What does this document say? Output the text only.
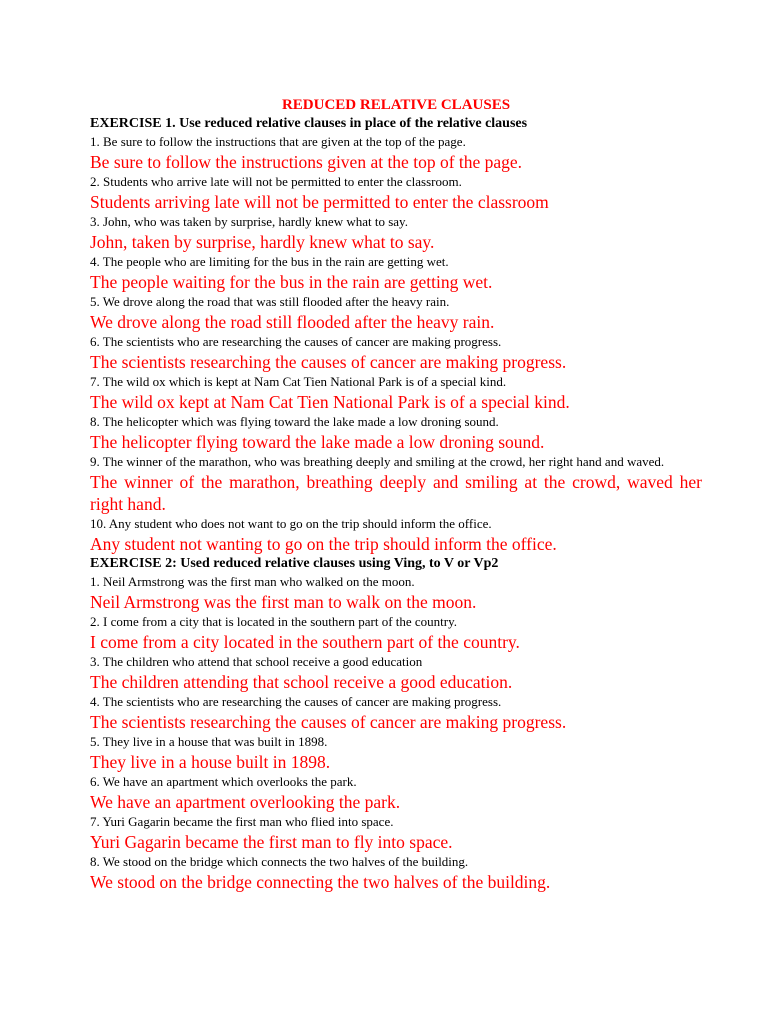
REDUCED RELATIVE CLAUSES
EXERCISE 1. Use reduced relative clauses in place of the relative clauses
1. Be sure to follow the instructions that are given at the top of the page.
Be sure to follow the instructions given at the top of the page.
2. Students who arrive late will not be permitted to enter the classroom.
Students arriving late will not be permitted to enter the classroom
3. John, who was taken by surprise, hardly knew what to say.
John, taken by surprise, hardly knew what to say.
4. The people who are limiting for the bus in the rain are getting wet.
The people waiting for the bus in the rain are getting wet.
5. We drove along the road that was still flooded after the heavy rain.
We drove along the road still flooded after the heavy rain.
6. The scientists who are researching the causes of cancer are making progress.
The scientists researching the causes of cancer are making progress.
7. The wild ox which is kept at Nam Cat Tien National Park is of a special kind.
The wild ox kept at Nam Cat Tien National Park is of a special kind.
8. The helicopter which was flying toward the lake made a low droning sound.
The helicopter flying toward the lake made a low droning sound.
9. The winner of the marathon, who was breathing deeply and smiling at the crowd, her right hand and waved.
The winner of the marathon, breathing deeply and smiling at the crowd, waved her right hand.
10. Any student who does not want to go on the trip should inform the office.
Any student not wanting to go on the trip should inform the office.
EXERCISE 2: Used reduced relative clauses using Ving, to V or Vp2
1. Neil Armstrong was the first man who walked on the moon.
Neil Armstrong was the first man to walk on the moon.
2. I come from a city that is located in the southern part of the country.
I come from a city located in the southern part of the country.
3. The children who attend that school receive a good education
The children attending that school receive a good education.
4. The scientists who are researching the causes of cancer are making progress.
The scientists researching the causes of cancer are making progress.
5. They live in a house that was built in 1898.
They live in a house built in 1898.
6. We have an apartment which overlooks the park.
We have an apartment overlooking the park.
7. Yuri Gagarin became the first man who flied into space.
Yuri Gagarin became the first man to fly into space.
8. We stood on the bridge which connects the two halves of the building.
We stood on the bridge connecting the two halves of the building.
